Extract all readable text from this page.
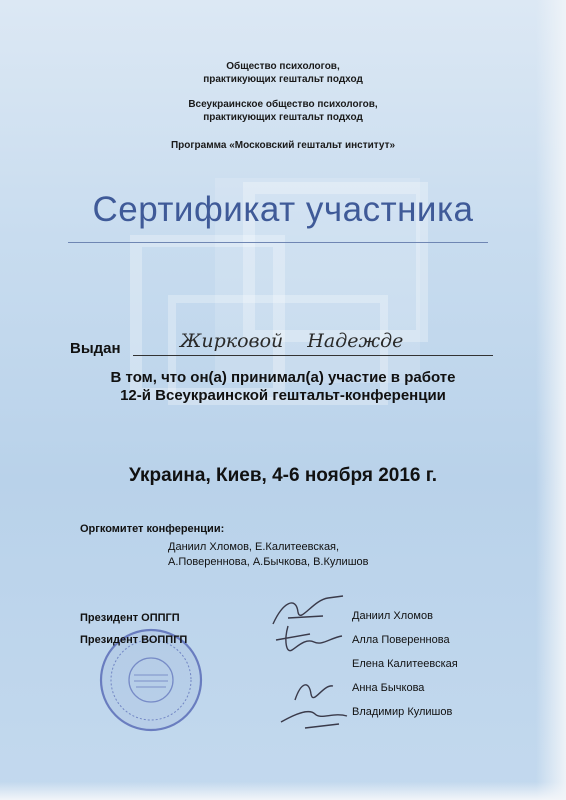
Общество психологов,
практикующих гештальт подход
Всеукраинское общество психологов,
практикующих гештальт подход
Программа «Московский гештальт институт»
Сертификат участника
Выдан	Жирковой Надежде
В том, что он(а) принимал(а) участие в работе
12-й Всеукраинской гештальт-конференции
Украина, Киев, 4-6 ноября 2016 г.
Оргкомитет конференции:
Даниил Хломов, Е.Калитеевская,
А.Поверенновa, А.Бычкова, В.Кулишов
Президент ОППГП
Президент ВОППГП
Даниил Хломов
Алла Поверенновa
Елена Калитеевская
Анна Бычкова
Владимир Кулишов
